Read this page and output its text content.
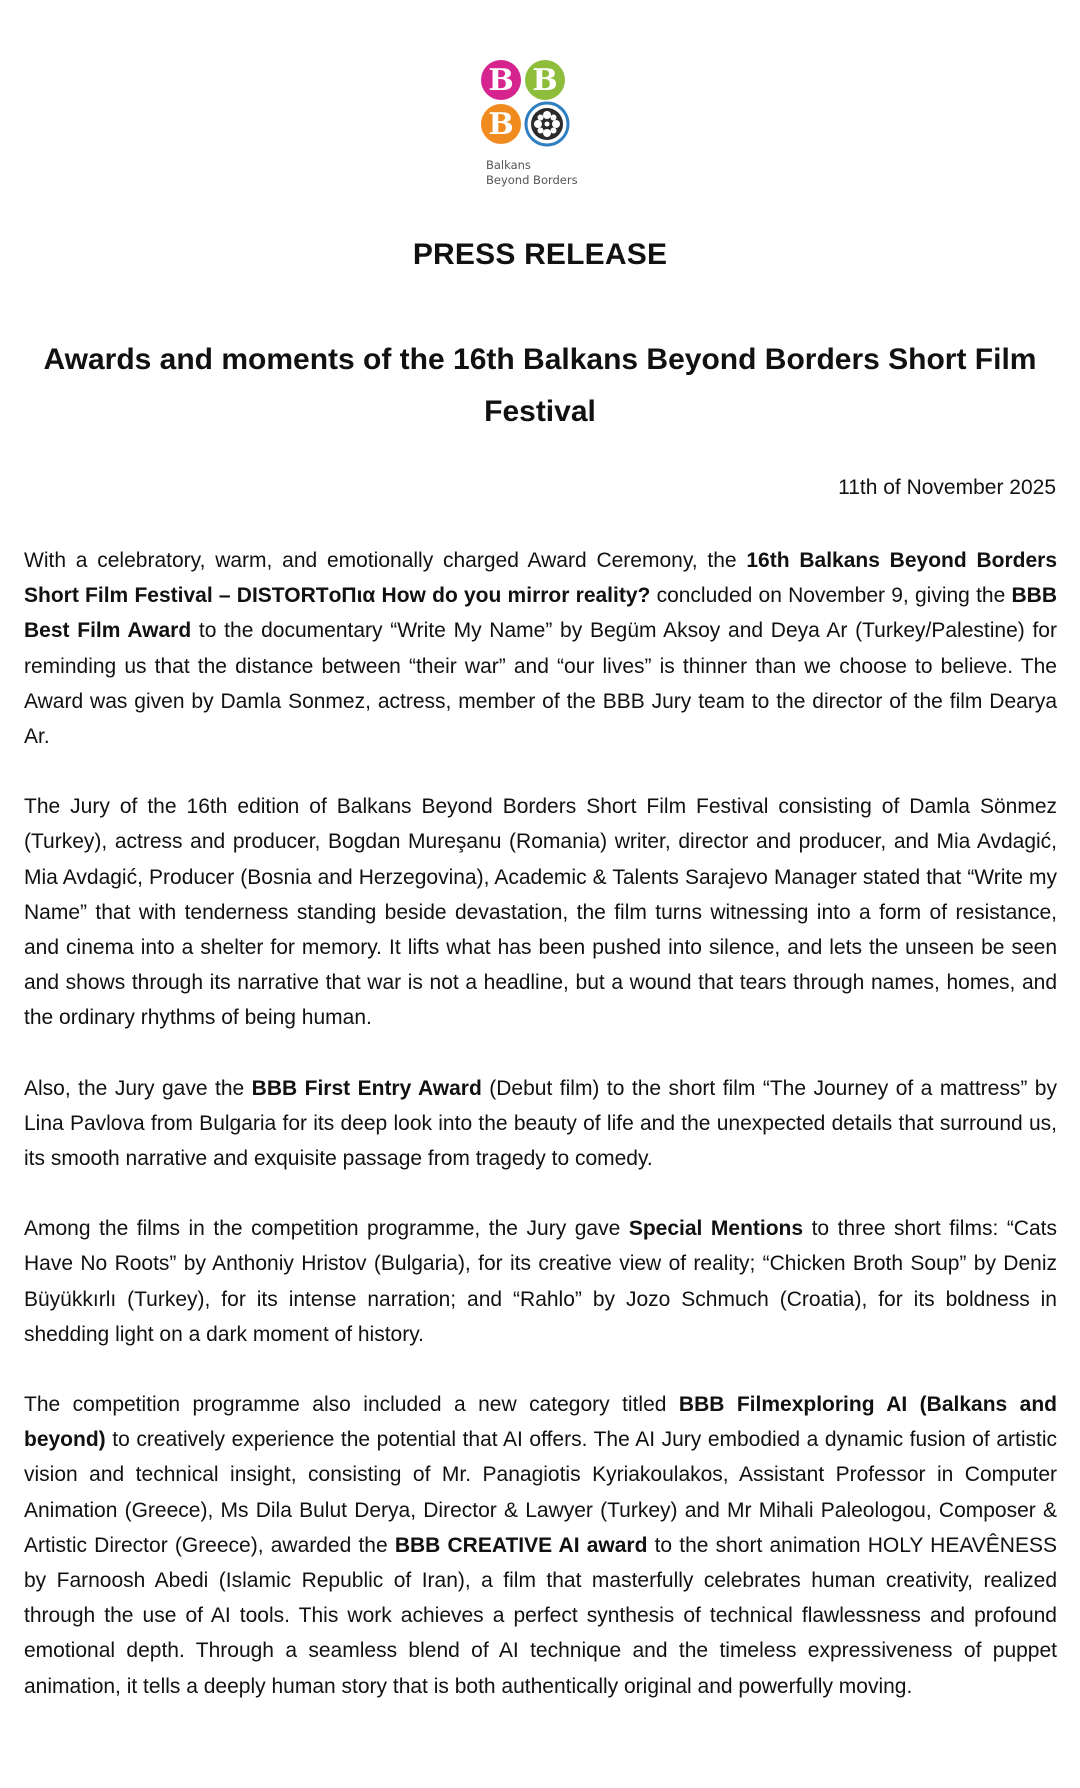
B B
B
Balkans
Beyond Borders
PRESS RELEASE
Awards and moments of the 16th Balkans Beyond Borders Short Film Festival
11th of November 2025

With a celebratory, warm, and emotionally charged Award Ceremony, the 16th Balkans Beyond Borders Short Film Festival – DISTORTοΠια How do you mirror reality? concluded on November 9, giving the BBB Best Film Award to the documentary “Write My Name” by Begüm Aksoy and Deya Ar (Turkey/Palestine) for reminding us that the distance between “their war” and “our lives” is thinner than we choose to believe. The Award was given by Damla Sonmez, actress, member of the BBB Jury team to the director of the film Dearya Ar.

The Jury of the 16th edition of Balkans Beyond Borders Short Film Festival consisting of Damla Sönmez (Turkey), actress and producer, Bogdan Mureşanu (Romania) writer, director and producer, and Mia Avdagić, Mia Avdagić, Producer (Bosnia and Herzegovina), Academic & Talents Sarajevo Manager stated that “Write my Name” that with tenderness standing beside devastation, the film turns witnessing into a form of resistance, and cinema into a shelter for memory. It lifts what has been pushed into silence, and lets the unseen be seen and shows through its narrative that war is not a headline, but a wound that tears through names, homes, and the ordinary rhythms of being human.

Also, the Jury gave the BBB First Entry Award (Debut film) to the short film “The Journey of a mattress” by Lina Pavlova from Bulgaria for its deep look into the beauty of life and the unexpected details that surround us, its smooth narrative and exquisite passage from tragedy to comedy.

Among the films in the competition programme, the Jury gave Special Mentions to three short films: “Cats Have No Roots” by Anthoniy Hristov (Bulgaria), for its creative view of reality; “Chicken Broth Soup” by Deniz Büyükkırlı (Turkey), for its intense narration; and “Rahlo” by Jozo Schmuch (Croatia), for its boldness in shedding light on a dark moment of history.

The competition programme also included a new category titled BBB Filmexploring AI (Balkans and beyond) to creatively experience the potential that AI offers. The AI Jury embodied a dynamic fusion of artistic vision and technical insight, consisting of Mr. Panagiotis Kyriakoulakos, Assistant Professor in Computer Animation (Greece), Ms Dila Bulut Derya, Director & Lawyer (Turkey) and Mr Mihali Paleologou, Composer & Artistic Director (Greece), awarded the BBB CREATIVE AI award to the short animation HOLY HEAVÊNESS by Farnoosh Abedi (Islamic Republic of Iran), a film that masterfully celebrates human creativity, realized through the use of AI tools. This work achieves a perfect synthesis of technical flawlessness and profound emotional depth. Through a seamless blend of AI technique and the timeless expressiveness of puppet animation, it tells a deeply human story that is both authentically original and powerfully moving.
